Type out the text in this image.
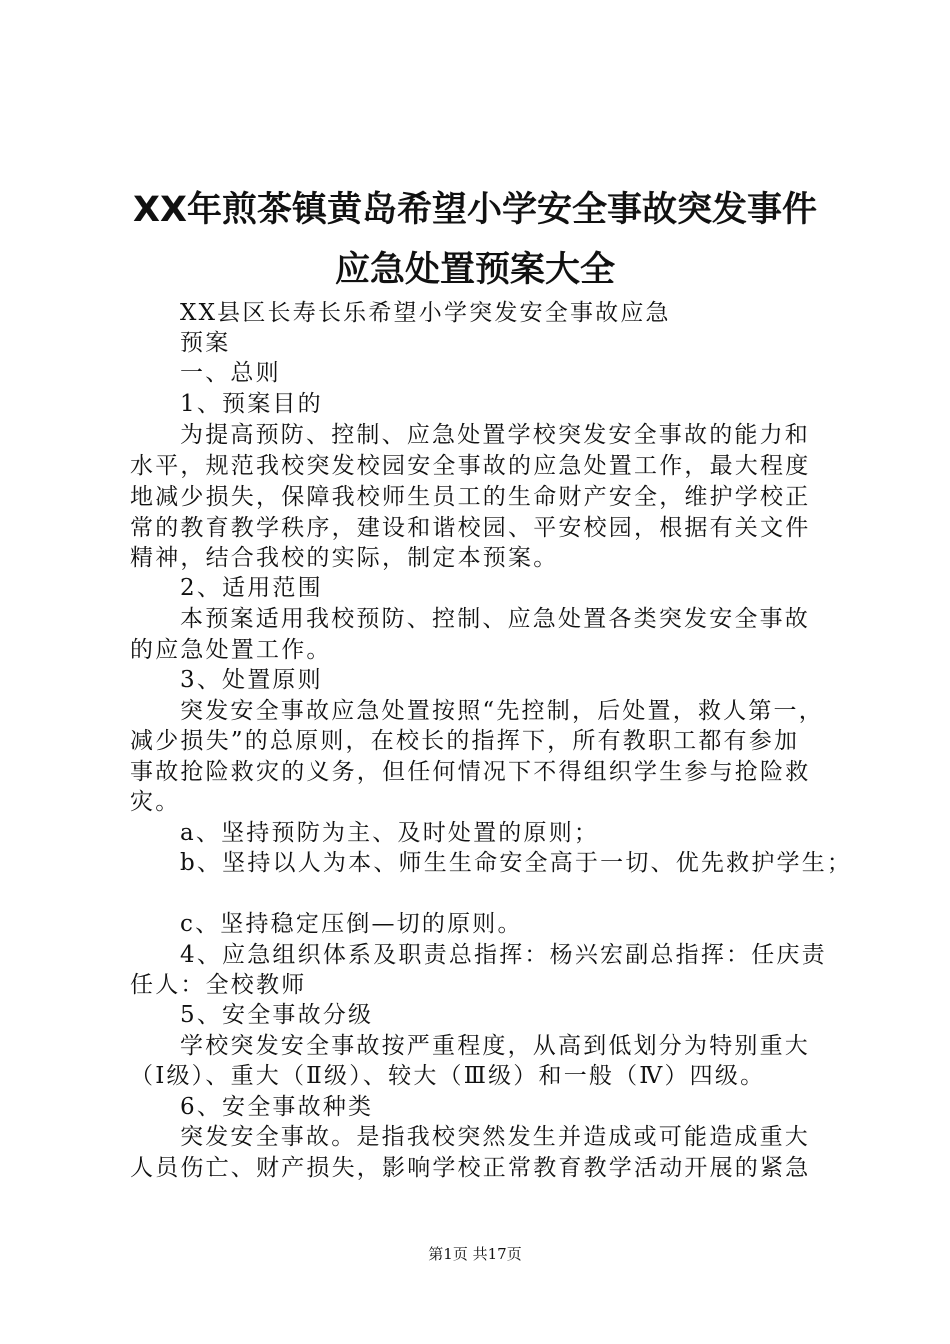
XX年煎茶镇黄岛希望小学安全事故突发事件
应急处置预案大全
XX县区长寿长乐希望小学突发安全事故应急
预案
一、总则
1、预案目的
为提高预防、控制、应急处置学校突发安全事故的能力和
水平，规范我校突发校园安全事故的应急处置工作，最大程度
地减少损失，保障我校师生员工的生命财产安全，维护学校正
常的教育教学秩序，建设和谐校园、平安校园，根据有关文件
精神，结合我校的实际，制定本预案。
2、适用范围
本预案适用我校预防、控制、应急处置各类突发安全事故
的应急处置工作。
3、处置原则
突发安全事故应急处置按照“先控制，后处置，救人第一，
减少损失”的总原则，在校长的指挥下，所有教职工都有参加
事故抢险救灾的义务，但任何情况下不得组织学生参与抢险救
灾。
a、坚持预防为主、及时处置的原则；
b、坚持以人为本、师生生命安全高于一切、优先救护学生；
c、坚持稳定压倒—切的原则。
4、应急组织体系及职责总指挥：杨兴宏副总指挥：任庆责
任人：全校教师
5、安全事故分级
学校突发安全事故按严重程度，从高到低划分为特别重大
（Ⅰ级）、重大（Ⅱ级）、较大（Ⅲ级）和一般（Ⅳ）四级。
6、安全事故种类
突发安全事故。是指我校突然发生并造成或可能造成重大
人员伤亡、财产损失，影响学校正常教育教学活动开展的紧急
第1页 共17页
